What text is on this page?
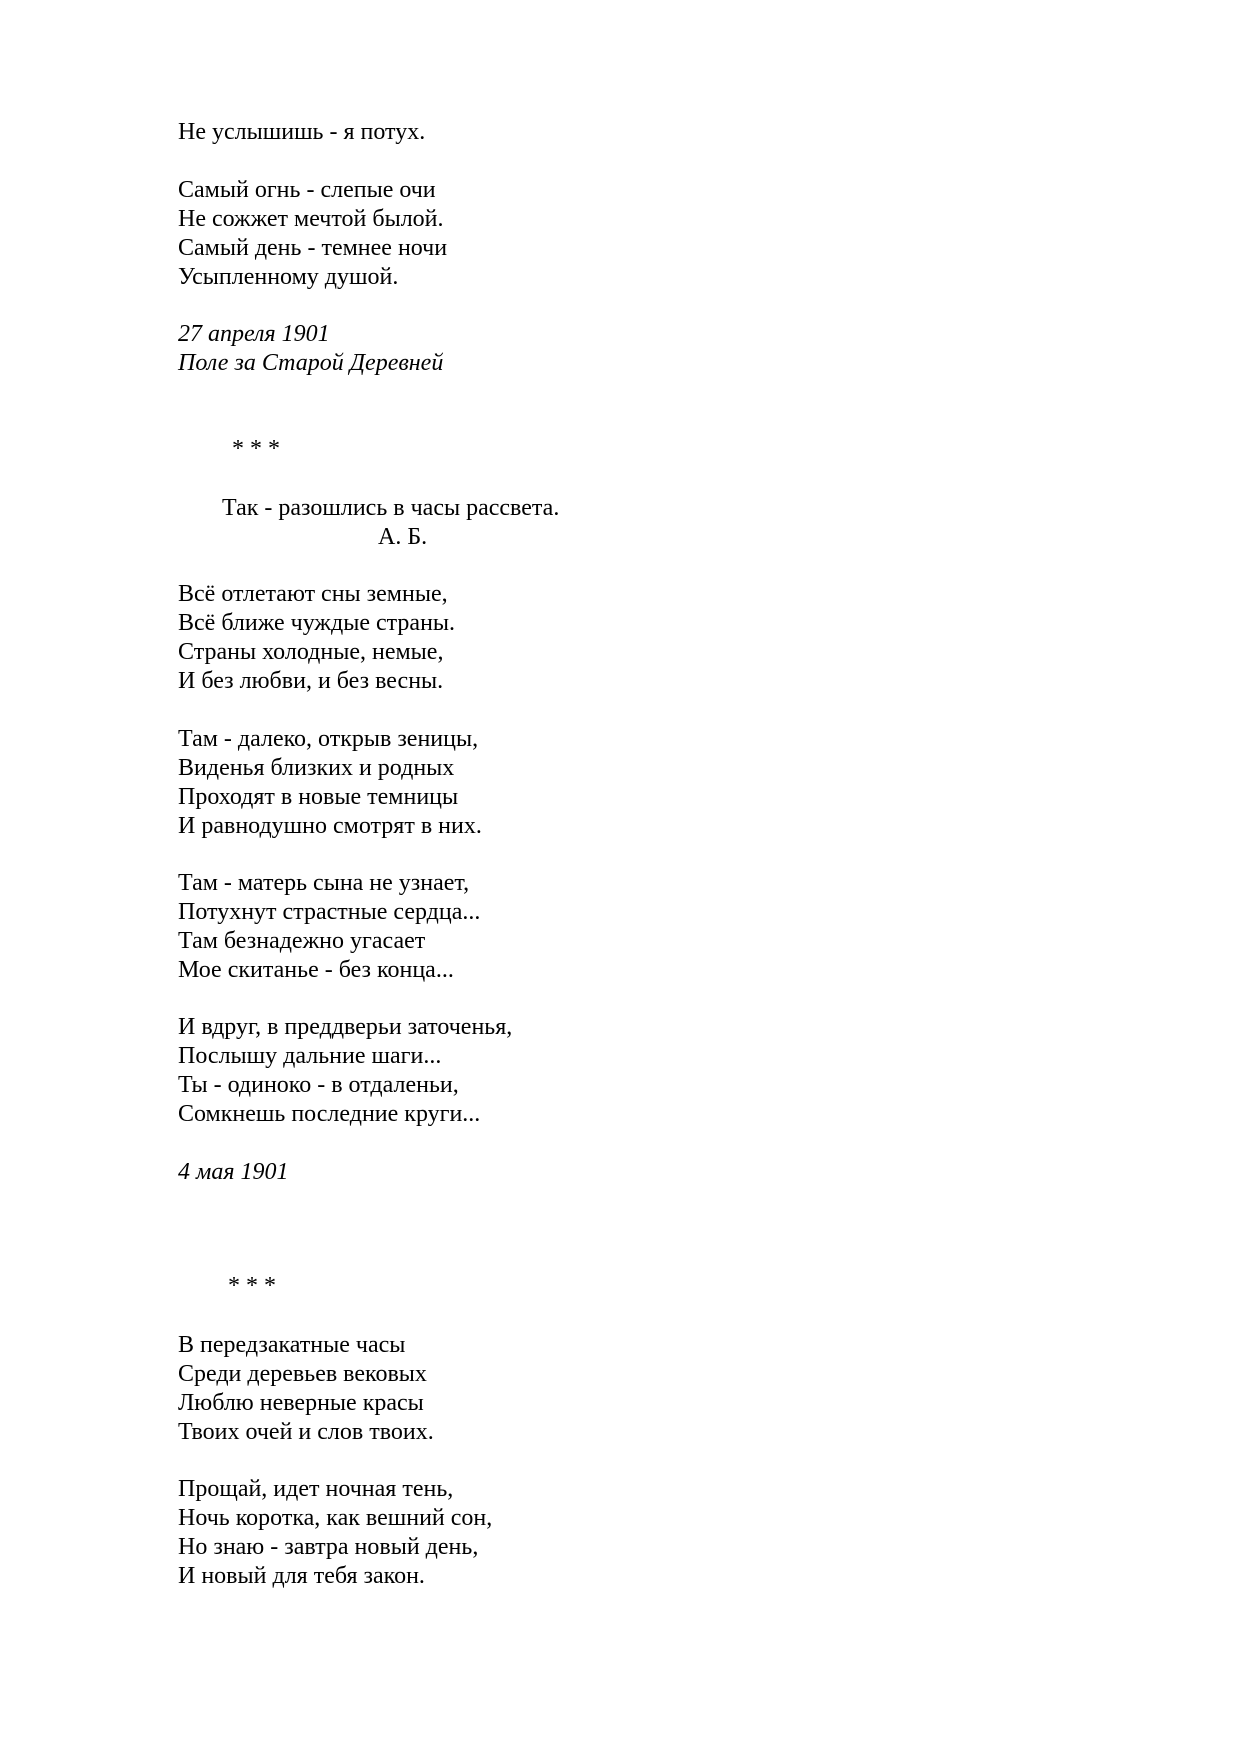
Не услышишь - я потух.
Самый огнь - слепые очи
Не сожжет мечтой былой.
Самый день - темнее ночи
Усыпленному душой.
27 апреля 1901
Поле за Старой Деревней
* * *
Так - разошлись в часы рассвета.
А. Б.
Всё отлетают сны земные,
Всё ближе чуждые страны.
Страны холодные, немые,
И без любви, и без весны.
Там - далеко, открыв зеницы,
Виденья близких и родных
Проходят в новые темницы
И равнодушно смотрят в них.
Там - матерь сына не узнает,
Потухнут страстные сердца...
Там безнадежно угасает
Мое скитанье - без конца...
И вдруг, в преддверьи заточенья,
Послышу дальние шаги...
Ты - одиноко - в отдаленьи,
Сомкнешь последние круги...
4 мая 1901
* * *
В передзакатные часы
Среди деревьев вековых
Люблю неверные красы
Твоих очей и слов твоих.
Прощай, идет ночная тень,
Ночь коротка, как вешний сон,
Но знаю - завтра новый день,
И новый для тебя закон.
